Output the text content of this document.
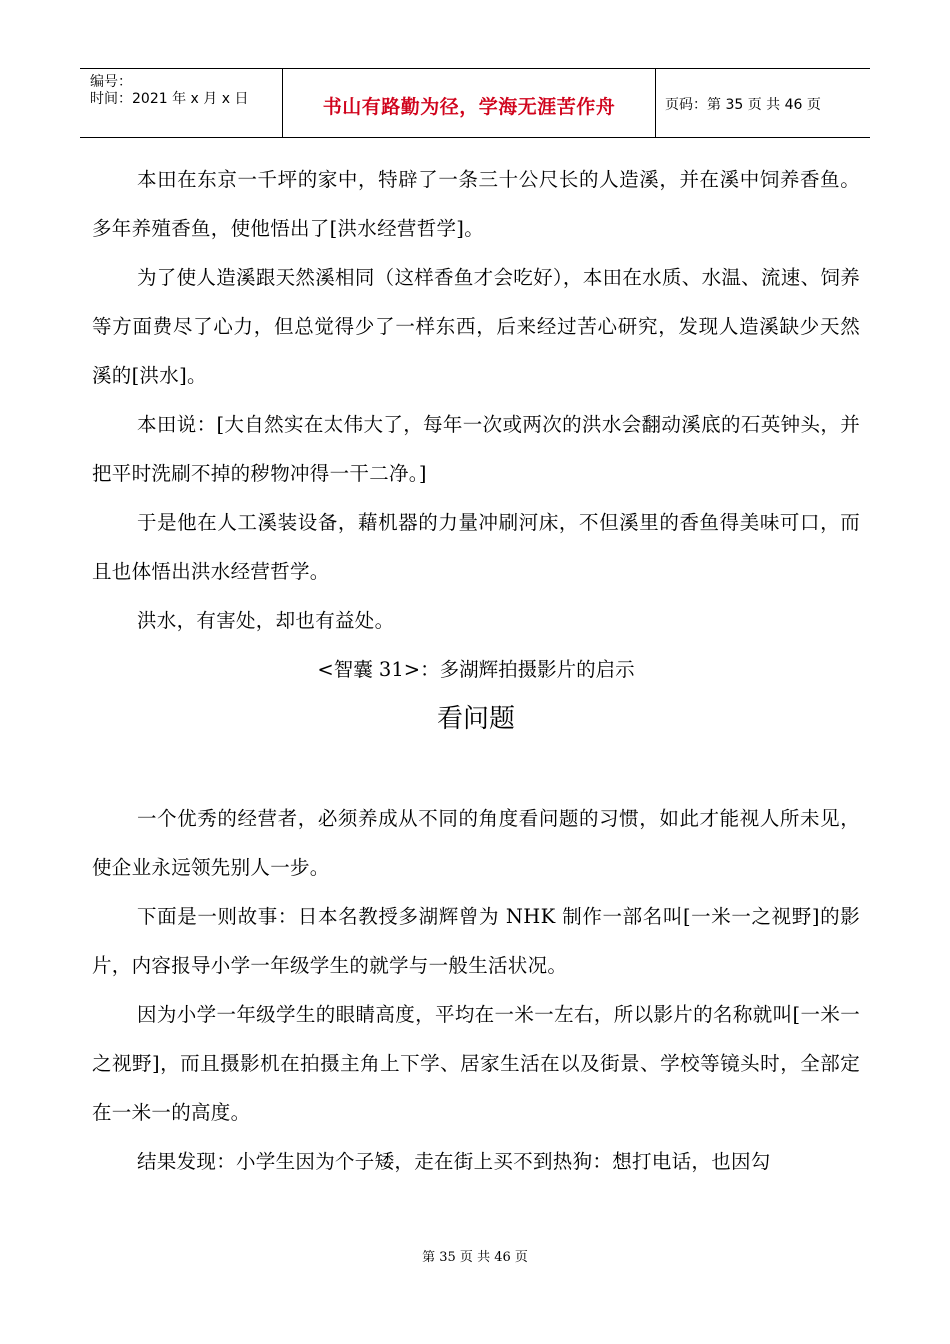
编号：
时间：2021 年 x 月 x 日	书山有路勤为径，学海无涯苦作舟	页码：第 35 页 共 46 页

本田在东京一千坪的家中，特辟了一条三十公尺长的人造溪，并在溪中饲养香鱼。多年养殖香鱼，使他悟出了[洪水经营哲学]。

为了使人造溪跟天然溪相同（这样香鱼才会吃好），本田在水质、水温、流速、饲养等方面费尽了心力，但总觉得少了一样东西，后来经过苦心研究，发现人造溪缺少天然溪的[洪水]。

本田说：[大自然实在太伟大了，每年一次或两次的洪水会翻动溪底的石英钟头，并把平时洗刷不掉的秽物冲得一干二净。]

于是他在人工溪装设备，藉机器的力量冲刷河床，不但溪里的香鱼得美味可口，而且也体悟出洪水经营哲学。

洪水，有害处，却也有益处。

<智囊 31>：多湖辉拍摄影片的启示

看问题

一个优秀的经营者，必须养成从不同的角度看问题的习惯，如此才能视人所未见，使企业永远领先别人一步。

下面是一则故事：日本名教授多湖辉曾为 NHK 制作一部名叫[一米一之视野]的影片，内容报导小学一年级学生的就学与一般生活状况。

因为小学一年级学生的眼睛高度，平均在一米一左右，所以影片的名称就叫[一米一之视野]，而且摄影机在拍摄主角上下学、居家生活在以及街景、学校等镜头时，全部定在一米一的高度。

结果发现：小学生因为个子矮，走在街上买不到热狗：想打电话，也因勾

第 35 页 共 46 页
